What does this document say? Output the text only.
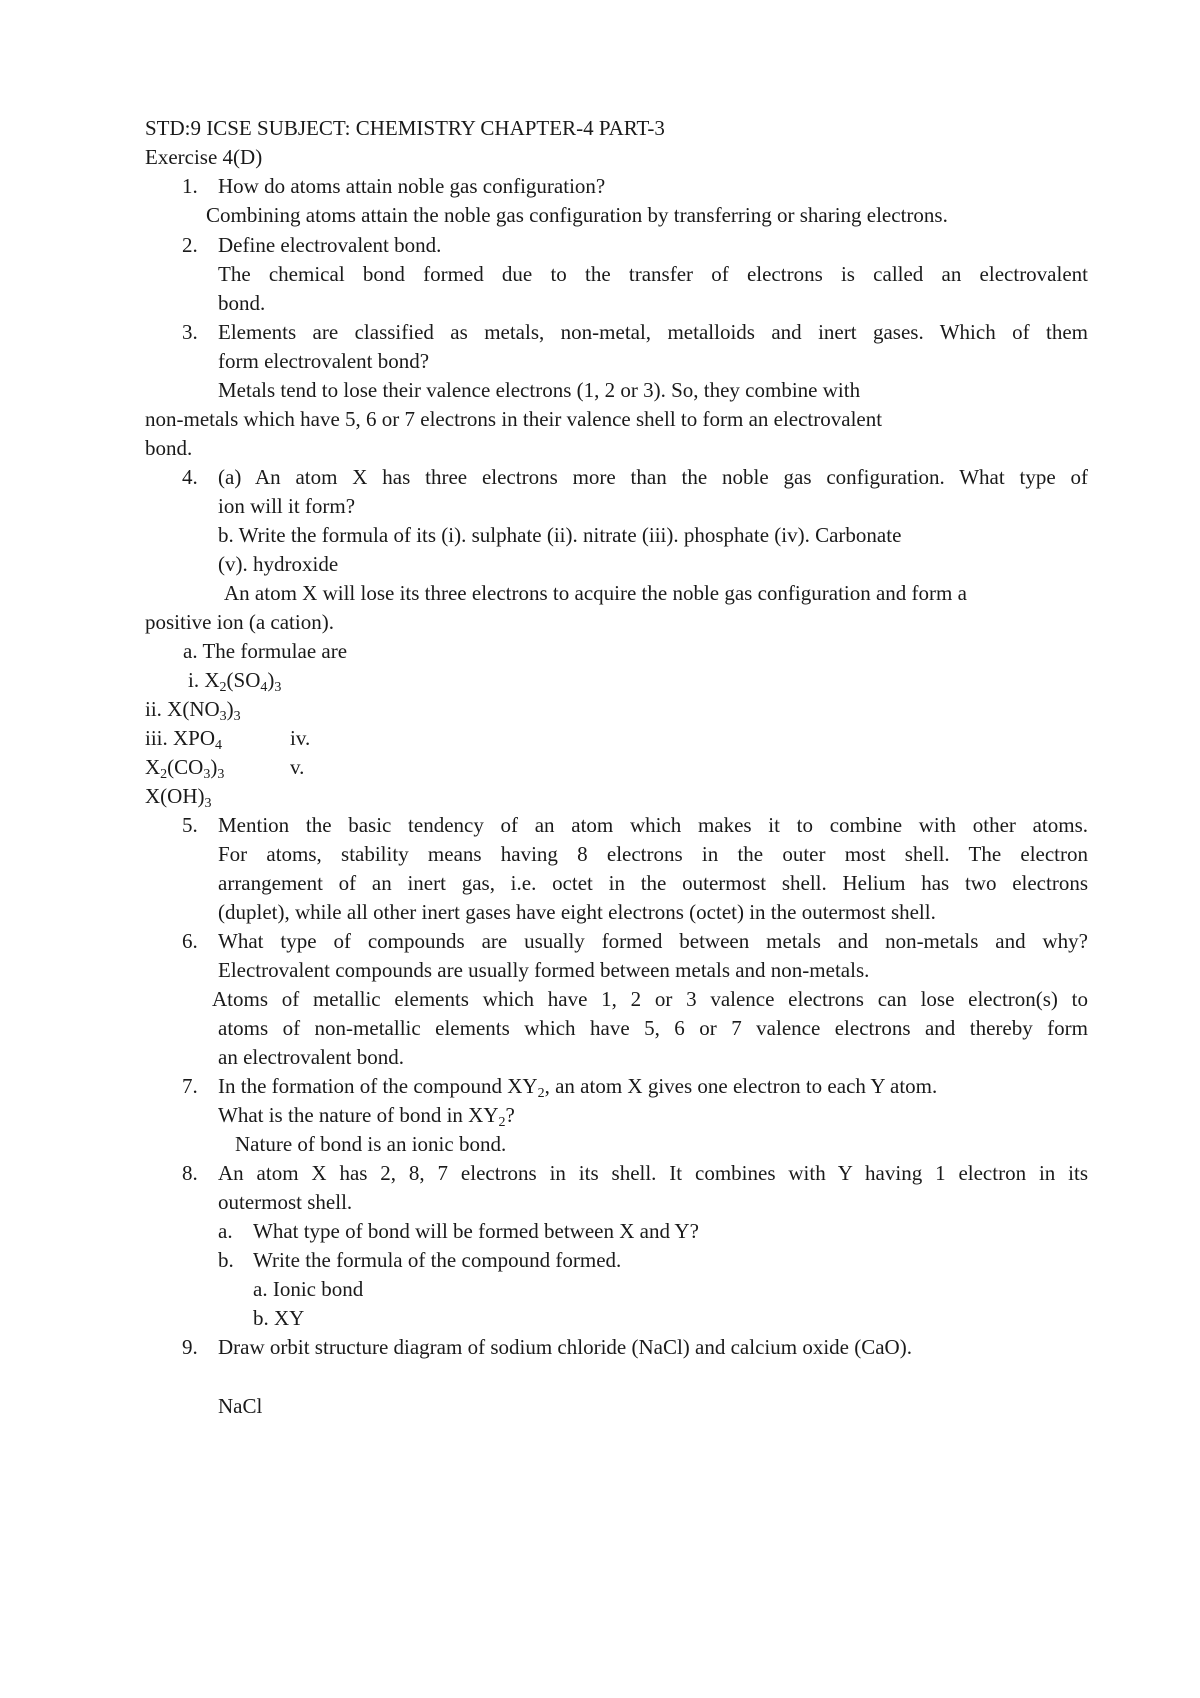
STD:9 ICSE SUBJECT: CHEMISTRY CHAPTER-4 PART-3
Exercise 4(D)
1. How do atoms attain noble gas configuration?
Combining atoms attain the noble gas configuration by transferring or sharing electrons.
2. Define electrovalent bond.
The chemical bond formed due to the transfer of electrons is called an electrovalent
bond.
3. Elements are classified as metals, non-metal, metalloids and inert gases. Which of them
form electrovalent bond?
Metals tend to lose their valence electrons (1, 2 or 3). So, they combine with
non-metals which have 5, 6 or 7 electrons in their valence shell to form an electrovalent
bond.
4. (a) An atom X has three electrons more than the noble gas configuration. What type of
ion will it form?
b. Write the formula of its (i). sulphate (ii). nitrate (iii). phosphate (iv). Carbonate
(v). hydroxide
An atom X will lose its three electrons to acquire the noble gas configuration and form a
positive ion (a cation).
a. The formulae are
i. $X_2(SO_4)_3$
ii. $X(NO_3)_3$
iii. $XPO_4$	iv.
$X_2(CO_3)_3$	v.
$X(OH)_3$
5. Mention the basic tendency of an atom which makes it to combine with other atoms.
For atoms, stability means having 8 electrons in the outer most shell. The electron
arrangement of an inert gas, i.e. octet in the outermost shell. Helium has two electrons
(duplet), while all other inert gases have eight electrons (octet) in the outermost shell.
6. What type of compounds are usually formed between metals and non-metals and why?
Electrovalent compounds are usually formed between metals and non-metals.
Atoms of metallic elements which have 1, 2 or 3 valence electrons can lose electron(s) to
atoms of non-metallic elements which have 5, 6 or 7 valence electrons and thereby form
an electrovalent bond.
7. In the formation of the compound $XY_2$, an atom X gives one electron to each Y atom.
What is the nature of bond in $XY_2$?
Nature of bond is an ionic bond.
8. An atom X has 2, 8, 7 electrons in its shell. It combines with Y having 1 electron in its
outermost shell.
a. What type of bond will be formed between X and Y?
b. Write the formula of the compound formed.
a. Ionic bond
b. XY
9. Draw orbit structure diagram of sodium chloride (NaCl) and calcium oxide (CaO).
NaCl
